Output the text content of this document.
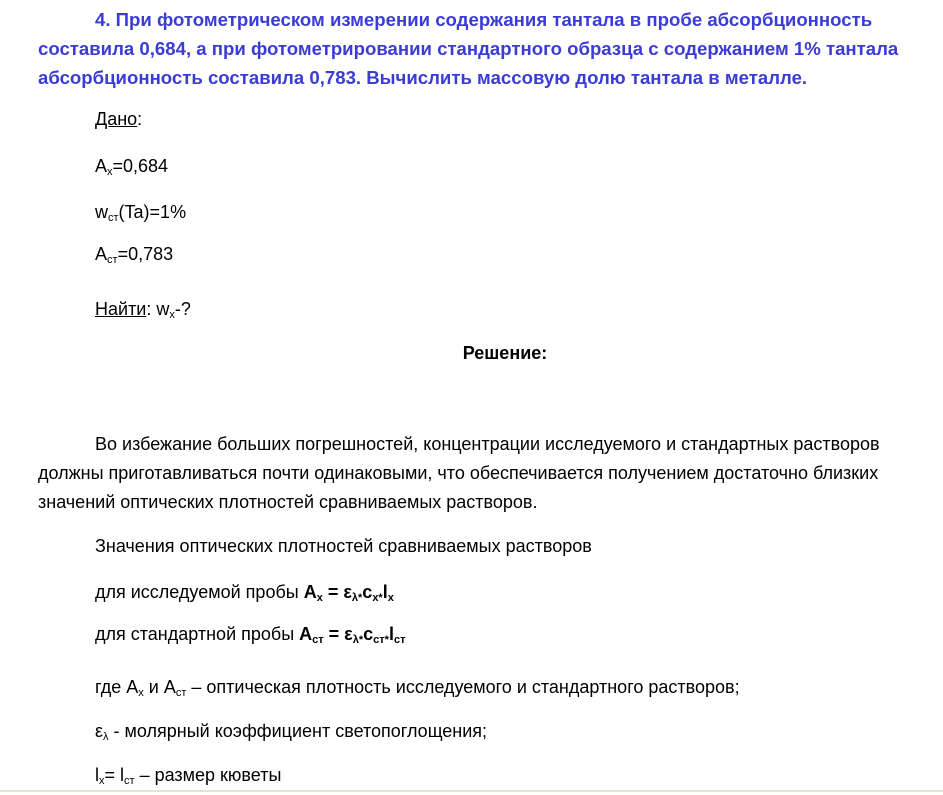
4. При фотометрическом измерении содержания тантала в пробе абсорбционность составила 0,684, а при фотометрировании стандартного образца с содержанием 1% тантала абсорбционность составила 0,783. Вычислить массовую долю тантала в металле.

Дано:

$A_x=0,684$

$w_{ст}(Ta)=1\%$

$A_{ст}=0,783$

Найти: $w_x-$?

Решение:

Во избежание больших погрешностей, концентрации исследуемого и стандартных растворов должны приготавливаться почти одинаковыми, что обеспечивается получением достаточно близких значений оптических плотностей сравниваемых растворов.

Значения оптических плотностей сравниваемых растворов

для исследуемой пробы $A_x = \varepsilon_{\lambda*}c_{x*}l_x$

для стандартной пробы $A_{ст} = \varepsilon_{\lambda*}c_{ст*}l_{ст}$

где $A_x$ и $A_{ст}$ – оптическая плотность исследуемого и стандартного растворов;

$\varepsilon_\lambda$ - молярный коэффициент светопоглощения;

$l_x= l_{ст}$ – размер кюветы
